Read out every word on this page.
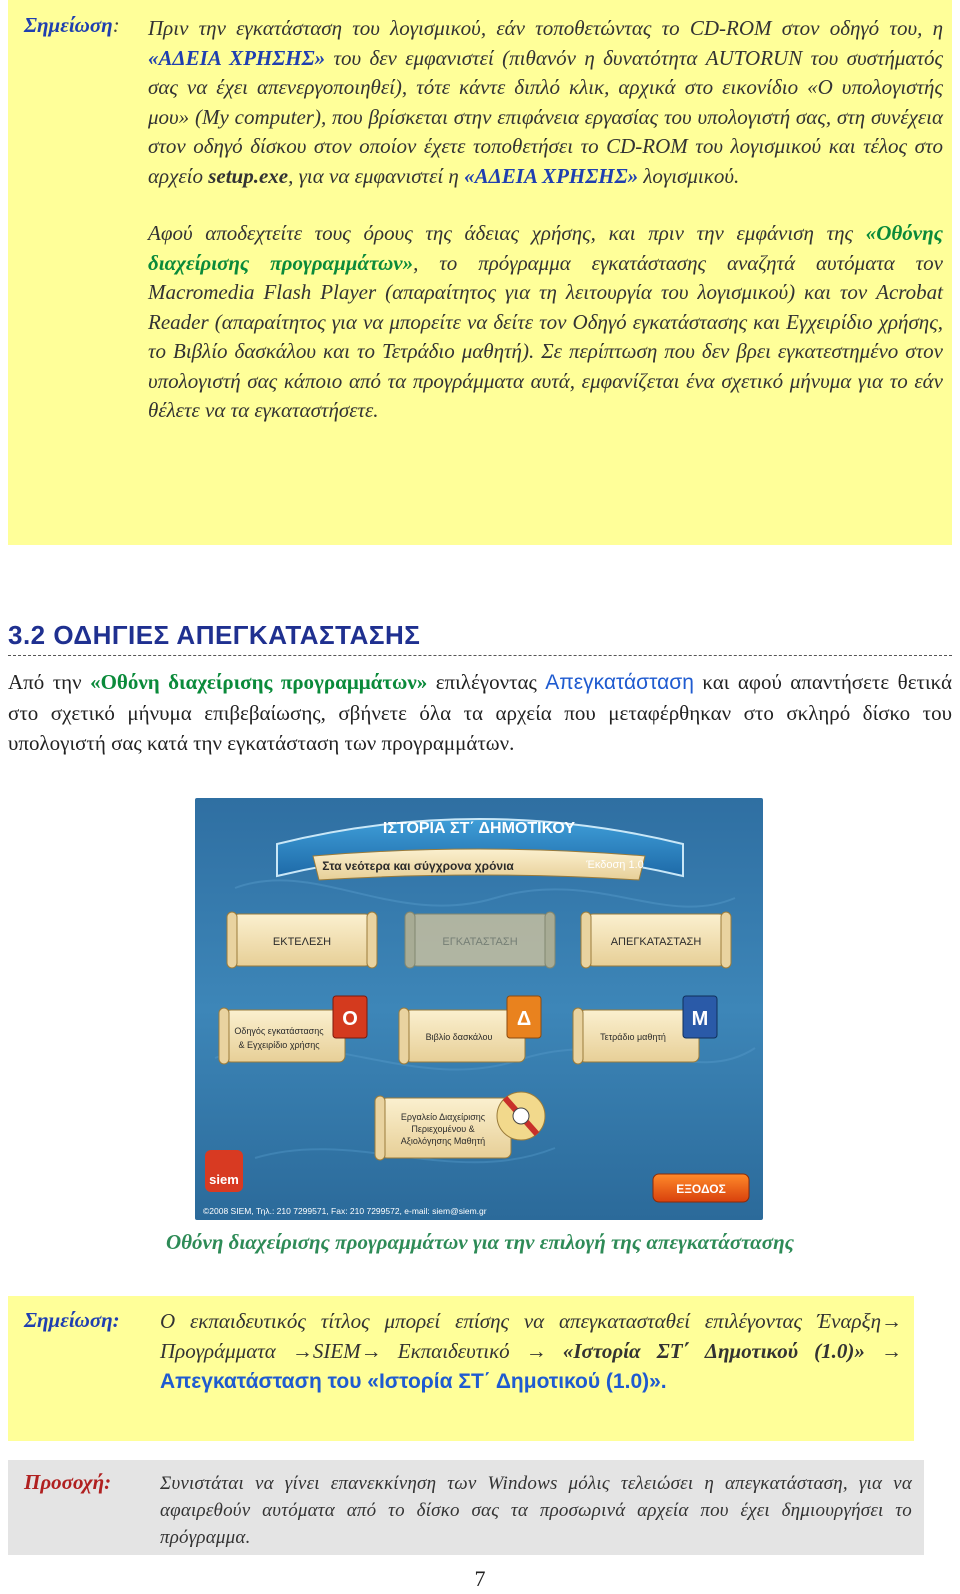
Σημείωση: Πριν την εγκατάσταση του λογισμικού, εάν τοποθετώντας το CD-ROM στον οδηγό του, η «ΑΔΕΙΑ ΧΡΗΣΗΣ» του δεν εμφανιστεί (πιθανόν η δυνατότητα AUTORUN του συστήματός σας να έχει απενεργοποιηθεί), τότε κάντε διπλό κλικ, αρχικά στο εικονίδιο «Ο υπολογιστής μου» (My computer), που βρίσκεται στην επιφάνεια εργασίας του υπολογιστή σας, στη συνέχεια στον οδηγό δίσκου στον οποίον έχετε τοποθετήσει το CD-ROM του λογισμικού και τέλος στο αρχείο setup.exe, για να εμφανιστεί η «ΑΔΕΙΑ ΧΡΗΣΗΣ» λογισμικού.

Αφού αποδεχτείτε τους όρους της άδειας χρήσης, και πριν την εμφάνιση της «Οθόνης διαχείρισης προγραμμάτων», το πρόγραμμα εγκατάστασης αναζητά αυτόματα τον Macromedia Flash Player (απαραίτητος για τη λειτουργία του λογισμικού) και τον Acrobat Reader (απαραίτητος για να μπορείτε να δείτε τον Οδηγό εγκατάστασης και Εγχειρίδιο χρήσης, το Βιβλίο δασκάλου και το Τετράδιο μαθητή). Σε περίπτωση που δεν βρει εγκατεστημένο στον υπολογιστή σας κάποιο από τα προγράμματα αυτά, εμφανίζεται ένα σχετικό μήνυμα για το εάν θέλετε να τα εγκαταστήσετε.

3.2 ΟΔΗΓΙΕΣ ΑΠΕΓΚΑΤΑΣΤΑΣΗΣ

Από την «Οθόνη διαχείρισης προγραμμάτων» επιλέγοντας Απεγκατάσταση και αφού απαντήσετε θετικά στο σχετικό μήνυμα επιβεβαίωσης, σβήνετε όλα τα αρχεία που μεταφέρθηκαν στο σκληρό δίσκο του υπολογιστή σας κατά την εγκατάσταση των προγραμμάτων.

ΙΣΤΟΡΙΑ ΣΤ΄ ΔΗΜΟΤΙΚΟΥ
Στα νεότερα και σύγχρονα χρόνια	Έκδοση 1.0
ΕΚΤΕΛΕΣΗ	ΕΓΚΑΤΑΣΤΑΣΗ	ΑΠΕΓΚΑΤΑΣΤΑΣΗ
Οδηγός εγκατάστασης
& Εγχειρίδιο χρήσης
Ο
Βιβλίο δασκάλου
Δ
Τετράδιο μαθητή
Μ
Εργαλείο Διαχείρισης
Περιεχομένου &
Αξιολόγησης Μαθητή
siem
ΕΞΟΔΟΣ
©2008 SIEM, Τηλ.: 210 7299571, Fax: 210 7299572, e-mail: siem@siem.gr
Οθόνη διαχείρισης προγραμμάτων για την επιλογή της απεγκατάστασης
Σημείωση: Ο εκπαιδευτικός τίτλος μπορεί επίσης να απεγκατασταθεί επιλέγοντας Έναρξη→ Προγράμματα →SIEM→ Εκπαιδευτικό → «Ιστορία ΣΤ΄ Δημοτικού (1.0)» → Απεγκατάσταση του «Ιστορία ΣΤ΄ Δημοτικού (1.0)».
Προσοχή:	Συνιστάται να γίνει επανεκκίνηση των Windows μόλις τελειώσει η απεγκατάσταση, για να αφαιρεθούν αυτόματα από το δίσκο σας τα προσωρινά αρχεία που έχει δημιουργήσει το πρόγραμμα.
7
